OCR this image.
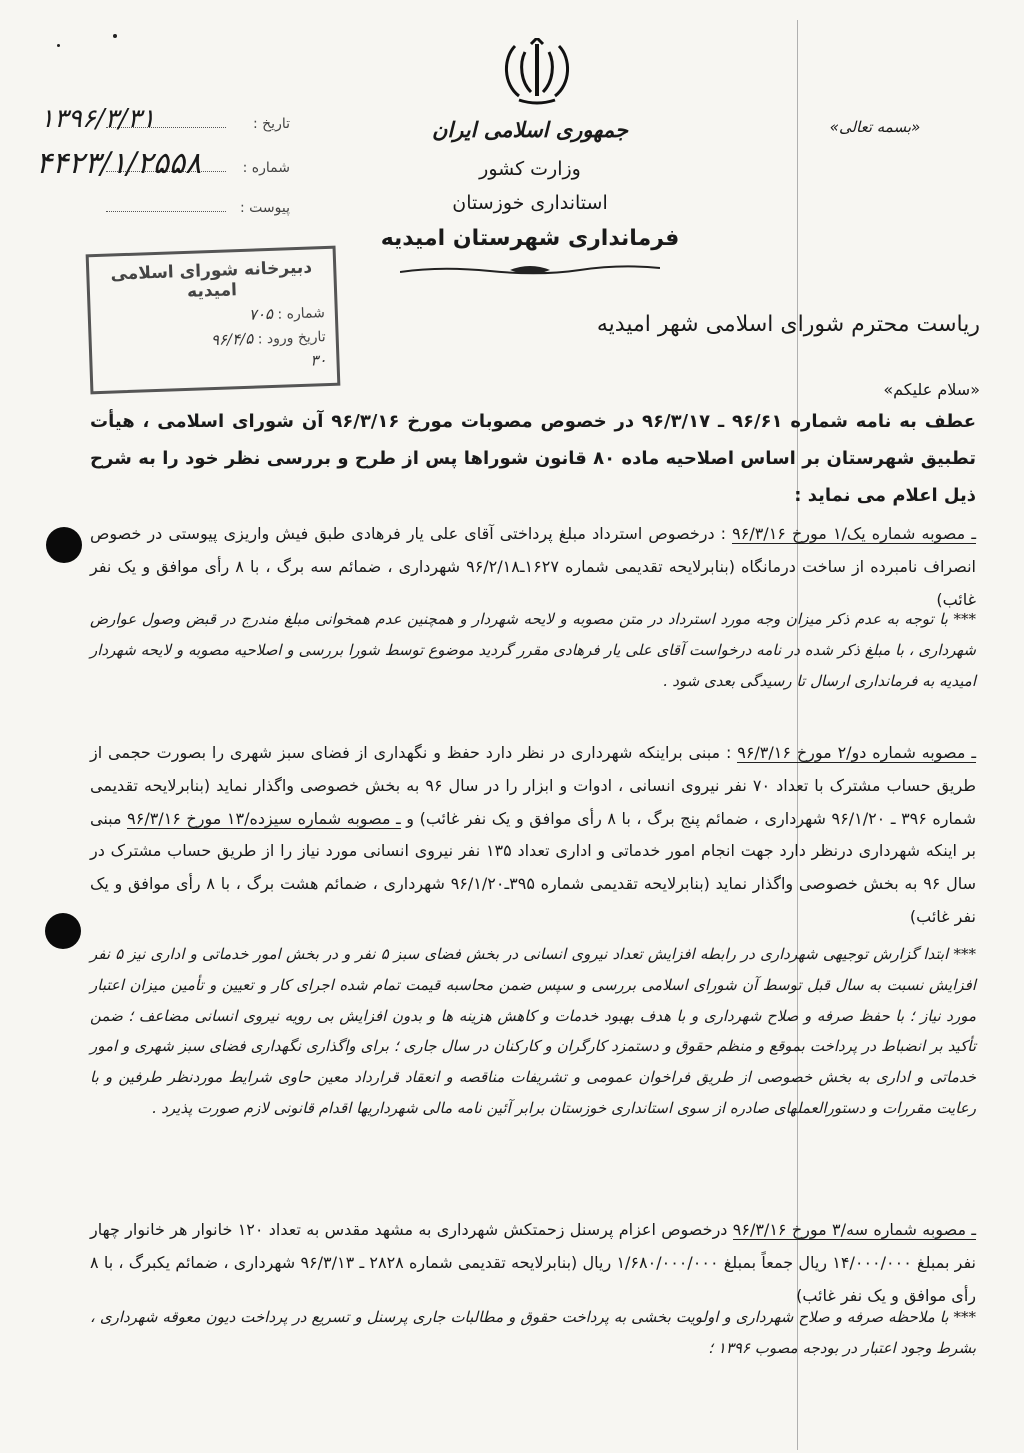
جمهوری اسلامی ایران
وزارت کشور
استانداری خوزستان
فرمانداری شهرستان امیدیه
«بسمه تعالی»
تاریخ :
شماره :
پیوست :
۱۳۹۶/۳/۳۱
۴۴۲۳/۱/۲۵۵۸
دبیرخانه شورای اسلامی امیدیه
شماره : ۷۰۵
تاریخ ورود : ۹۶/۴/۵
۳۰
ریاست محترم شورای اسلامی شهر امیدیه
«سلام علیکم»
عطف به نامه شماره ۹۶/۶۱ ـ ۹۶/۳/۱۷ در خصوص مصوبات مورخ ۹۶/۳/۱۶ آن شورای اسلامی ، هیأت تطبیق شهرستان بر اساس اصلاحیه ماده ۸۰ قانون شوراها پس از طرح و بررسی نظر خود را به شرح ذیل اعلام می نماید :
ـ مصوبه شماره یک/۱ مورخ ۹۶/۳/۱۶ : درخصوص استرداد مبلغ پرداختی آقای علی یار فرهادی طبق فیش واریزی پیوستی در خصوص انصراف نامبرده از ساخت درمانگاه (بنابرلایحه تقدیمی شماره ۱۶۲۷ـ۹۶/۲/۱۸ شهرداری ، ضمائم سه برگ ، با ۸ رأی موافق و یک نفر غائب)
*** با توجه به عدم ذکر میزان وجه مورد استرداد در متن مصوبه و لایحه شهردار و همچنین عدم همخوانی مبلغ مندرج در قبض وصول عوارض شهرداری ، با مبلغ ذکر شده در نامه درخواست آقای علی یار فرهادی مقرر گردید موضوع توسط شورا بررسی و اصلاحیه مصوبه و لایحه شهردار امیدیه به فرمانداری ارسال تا رسیدگی بعدی شود .
ـ مصوبه شماره دو/۲ مورخ ۹۶/۳/۱۶ : مبنی براینکه شهرداری در نظر دارد حفظ و نگهداری از فضای سبز شهری را بصورت حجمی از طریق حساب مشترک با تعداد ۷۰ نفر نیروی انسانی ، ادوات و ابزار را در سال ۹۶ به بخش خصوصی واگذار نماید (بنابرلایحه تقدیمی شماره ۳۹۶ ـ ۹۶/۱/۲۰ شهرداری ، ضمائم پنج برگ ، با ۸ رأی موافق و یک نفر غائب) و ـ مصوبه شماره سیزده/۱۳ مورخ ۹۶/۳/۱۶ مبنی بر اینکه شهرداری درنظر دارد جهت انجام امور خدماتی و اداری تعداد ۱۳۵ نفر نیروی انسانی مورد نیاز را از طریق حساب مشترک در سال ۹۶ به بخش خصوصی واگذار نماید (بنابرلایحه تقدیمی شماره ۳۹۵ـ۹۶/۱/۲۰ شهرداری ، ضمائم هشت برگ ، با ۸ رأی موافق و یک نفر غائب)
*** ابتدا گزارش توجیهی شهرداری در رابطه افزایش تعداد نیروی انسانی در بخش فضای سبز ۵ نفر و در بخش امور خدماتی و اداری نیز ۵ نفر افزایش نسبت به سال قبل توسط آن شورای اسلامی بررسی و سپس ضمن محاسبه قیمت تمام شده اجرای کار و تعیین و تأمین میزان اعتبار مورد نیاز ؛ با حفظ صرفه و صلاح شهرداری و با هدف بهبود خدمات و کاهش هزینه ها و بدون افزایش بی رویه نیروی انسانی مضاعف ؛ ضمن تأکید بر انضباط در پرداخت بموقع و منظم حقوق و دستمزد کارگران و کارکنان در سال جاری ؛ برای واگذاری نگهداری فضای سبز شهری و امور خدماتی و اداری به بخش خصوصی از طریق فراخوان عمومی و تشریفات مناقصه و انعقاد قرارداد معین حاوی شرایط موردنظر طرفین و با رعایت مقررات و دستورالعملهای صادره از سوی استانداری خوزستان برابر آئین نامه مالی شهرداریها اقدام قانونی لازم صورت پذیرد .
ـ مصوبه شماره سه/۳ مورخ ۹۶/۳/۱۶ درخصوص اعزام پرسنل زحمتکش شهرداری به مشهد مقدس به تعداد ۱۲۰ خانوار هر خانوار چهار نفر بمبلغ ۱۴/۰۰۰/۰۰۰ ریال جمعاً بمبلغ ۱/۶۸۰/۰۰۰/۰۰۰ ریال (بنابرلایحه تقدیمی شماره ۲۸۲۸ ـ ۹۶/۳/۱۳ شهرداری ، ضمائم یکبرگ ، با ۸ رأی موافق و یک نفر غائب)
*** با ملاحظه صرفه و صلاح شهرداری و اولویت بخشی به پرداخت حقوق و مطالبات جاری پرسنل و تسریع در پرداخت دیون معوقه شهرداری ، بشرط وجود اعتبار در بودجه مصوب ۱۳۹۶ ؛
